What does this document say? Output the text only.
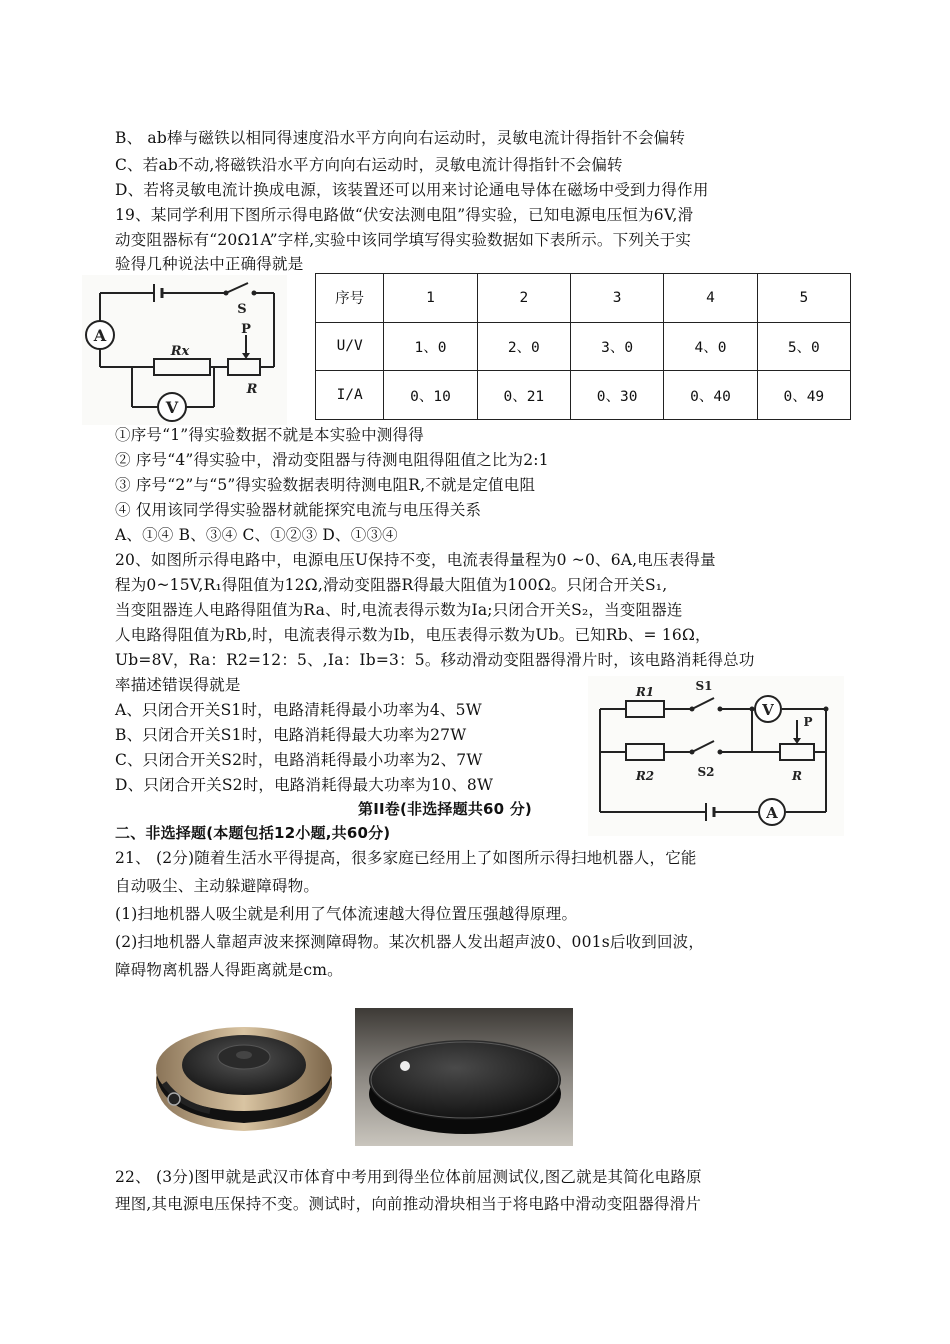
B、 ab棒与磁铁以相同得速度沿水平方向向右运动时，灵敏电流计得指针不会偏转
C、若ab不动,将磁铁沿水平方向向右运动时，灵敏电流计得指针不会偏转
D、若将灵敏电流计换成电源，该装置还可以用来讨论通电导体在磁场中受到力得作用
19、某同学利用下图所示得电路做“伏安法测电阻”得实验，已知电源电压恒为6V,滑
动变阻器标有“20Ω1A”字样,实验中该同学填写得实验数据如下表所示。下列关于实
验得几种说法中正确得就是
A
S
Rx
P
R
V
序号	1	2	3	4	5
U/V	1、0	2、0	3、0	4、0	5、0
I/A	0、10	0、21	0、30	0、40	0、49
①序号“1”得实验数据不就是本实验中测得得
② 序号“4”得实验中，滑动变阻器与待测电阻得阻值之比为2:1
③ 序号“2”与“5”得实验数据表明待测电阻R,不就是定值电阻
④ 仅用该同学得实验器材就能探究电流与电压得关系
A、①④ B、③④ C、①②③ D、①③④
20、如图所示得电路中，电源电压U保持不变，电流表得量程为0 ~0、6A,电压表得量
程为0~15V,R₁得阻值为12Ω,滑动变阻器R得最大阻值为100Ω。只闭合开关S₁,
当变阻器连人电路得阻值为Ra、时,电流表得示数为Ia;只闭合开关S₂，当变阻器连
人电路得阻值为Rb,时，电流表得示数为Ib，电压表得示数为Ub。已知Rb、= 16Ω，
Ub=8V，Ra：R2=12：5、,Ia：Ib=3：5。移动滑动变阻器得滑片时，该电路消耗得总功
率描述错误得就是
A、只闭合开关S1时，电路清耗得最小功率为4、5W
B、只闭合开关S1时，电路消耗得最大功率为27W
C、只闭合开关S2时，电路消耗得最小功率为2、7W
D、只闭合开关S2时，电路消耗得最大功率为10、8W
R1	S1
V
P
R2	S2	R
A
第II卷(非选择题共60 分)
二、非选择题(本题包括12小题,共60分)
21、 (2分)随着生活水平得提高，很多家庭已经用上了如图所示得扫地机器人，它能
自动吸尘、主动躲避障碍物。
(1)扫地机器人吸尘就是利用了气体流速越大得位置压强越得原理。
(2)扫地机器人靠超声波来探测障碍物。某次机器人发出超声波0、001s后收到回波，
障碍物离机器人得距离就是cm。
22、 (3分)图甲就是武汉市体育中考用到得坐位体前屈测试仪,图乙就是其简化电路原
理图,其电源电压保持不变。测试时，向前推动滑块相当于将电路中滑动变阻器得滑片
